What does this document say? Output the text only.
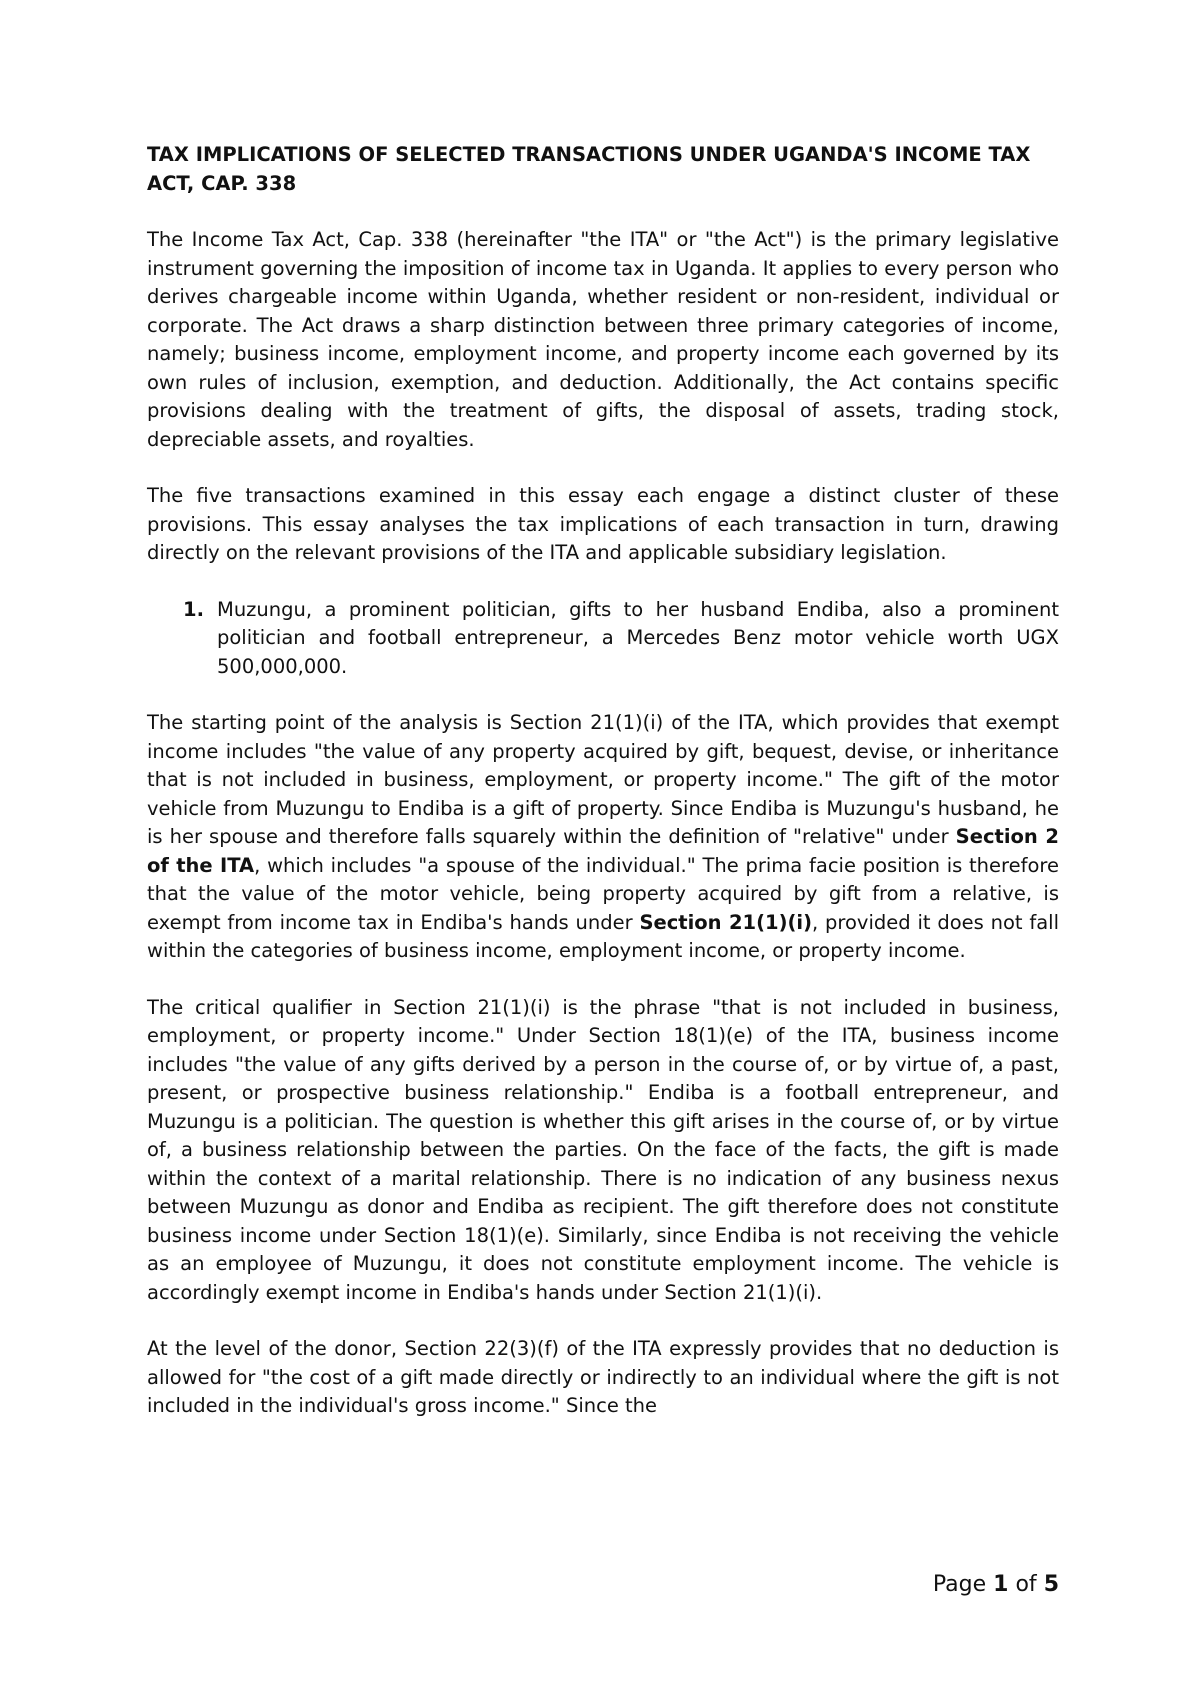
TAX IMPLICATIONS OF SELECTED TRANSACTIONS UNDER UGANDA'S INCOME TAX ACT, CAP. 338

The Income Tax Act, Cap. 338 (hereinafter "the ITA" or "the Act") is the primary legislative instrument governing the imposition of income tax in Uganda. It applies to every person who derives chargeable income within Uganda, whether resident or non-resident, individual or corporate. The Act draws a sharp distinction between three primary categories of income, namely; business income, employment income, and property income each governed by its own rules of inclusion, exemption, and deduction. Additionally, the Act contains specific provisions dealing with the treatment of gifts, the disposal of assets, trading stock, depreciable assets, and royalties.

The five transactions examined in this essay each engage a distinct cluster of these provisions. This essay analyses the tax implications of each transaction in turn, drawing directly on the relevant provisions of the ITA and applicable subsidiary legislation.

1. Muzungu, a prominent politician, gifts to her husband Endiba, also a prominent politician and football entrepreneur, a Mercedes Benz motor vehicle worth UGX 500,000,000.

The starting point of the analysis is Section 21(1)(i) of the ITA, which provides that exempt income includes "the value of any property acquired by gift, bequest, devise, or inheritance that is not included in business, employment, or property income." The gift of the motor vehicle from Muzungu to Endiba is a gift of property. Since Endiba is Muzungu's husband, he is her spouse and therefore falls squarely within the definition of "relative" under Section 2 of the ITA, which includes "a spouse of the individual." The prima facie position is therefore that the value of the motor vehicle, being property acquired by gift from a relative, is exempt from income tax in Endiba's hands under Section 21(1)(i), provided it does not fall within the categories of business income, employment income, or property income.

The critical qualifier in Section 21(1)(i) is the phrase "that is not included in business, employment, or property income." Under Section 18(1)(e) of the ITA, business income includes "the value of any gifts derived by a person in the course of, or by virtue of, a past, present, or prospective business relationship." Endiba is a football entrepreneur, and Muzungu is a politician. The question is whether this gift arises in the course of, or by virtue of, a business relationship between the parties. On the face of the facts, the gift is made within the context of a marital relationship. There is no indication of any business nexus between Muzungu as donor and Endiba as recipient. The gift therefore does not constitute business income under Section 18(1)(e). Similarly, since Endiba is not receiving the vehicle as an employee of Muzungu, it does not constitute employment income. The vehicle is accordingly exempt income in Endiba's hands under Section 21(1)(i).

At the level of the donor, Section 22(3)(f) of the ITA expressly provides that no deduction is allowed for "the cost of a gift made directly or indirectly to an individual where the gift is not included in the individual's gross income." Since the

Page 1 of 5
